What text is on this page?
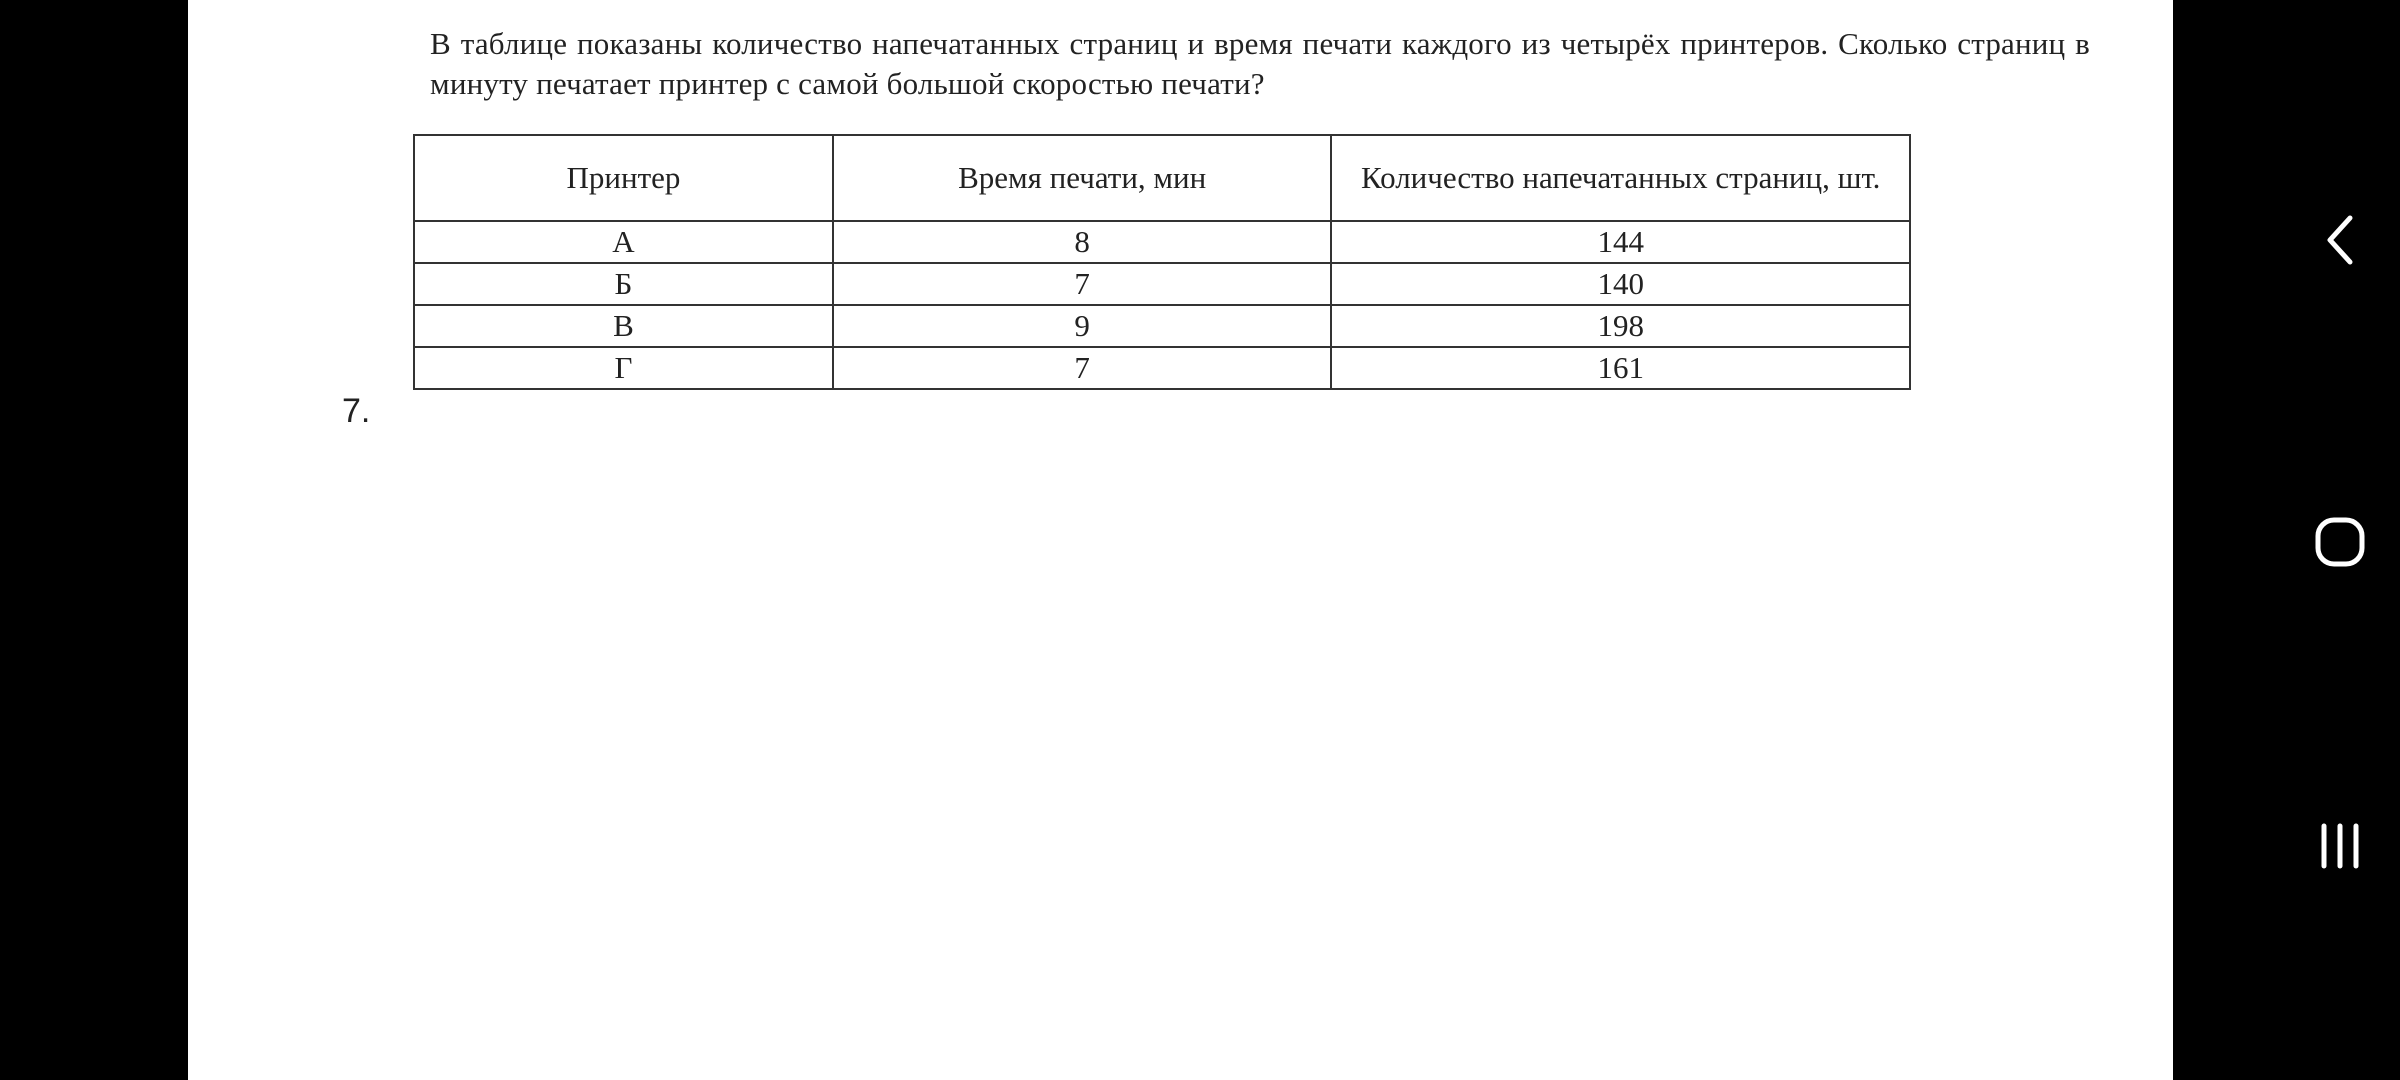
В таблице показаны количество напечатанных страниц и время печати каждого из четырёх принтеров. Сколько страниц в минуту печатает принтер с самой большой скоростью печати?
Принтер	Время печати, мин	Количество напечатанных страниц, шт.
А	8	144
Б	7	140
В	9	198
Г	7	161
7.
